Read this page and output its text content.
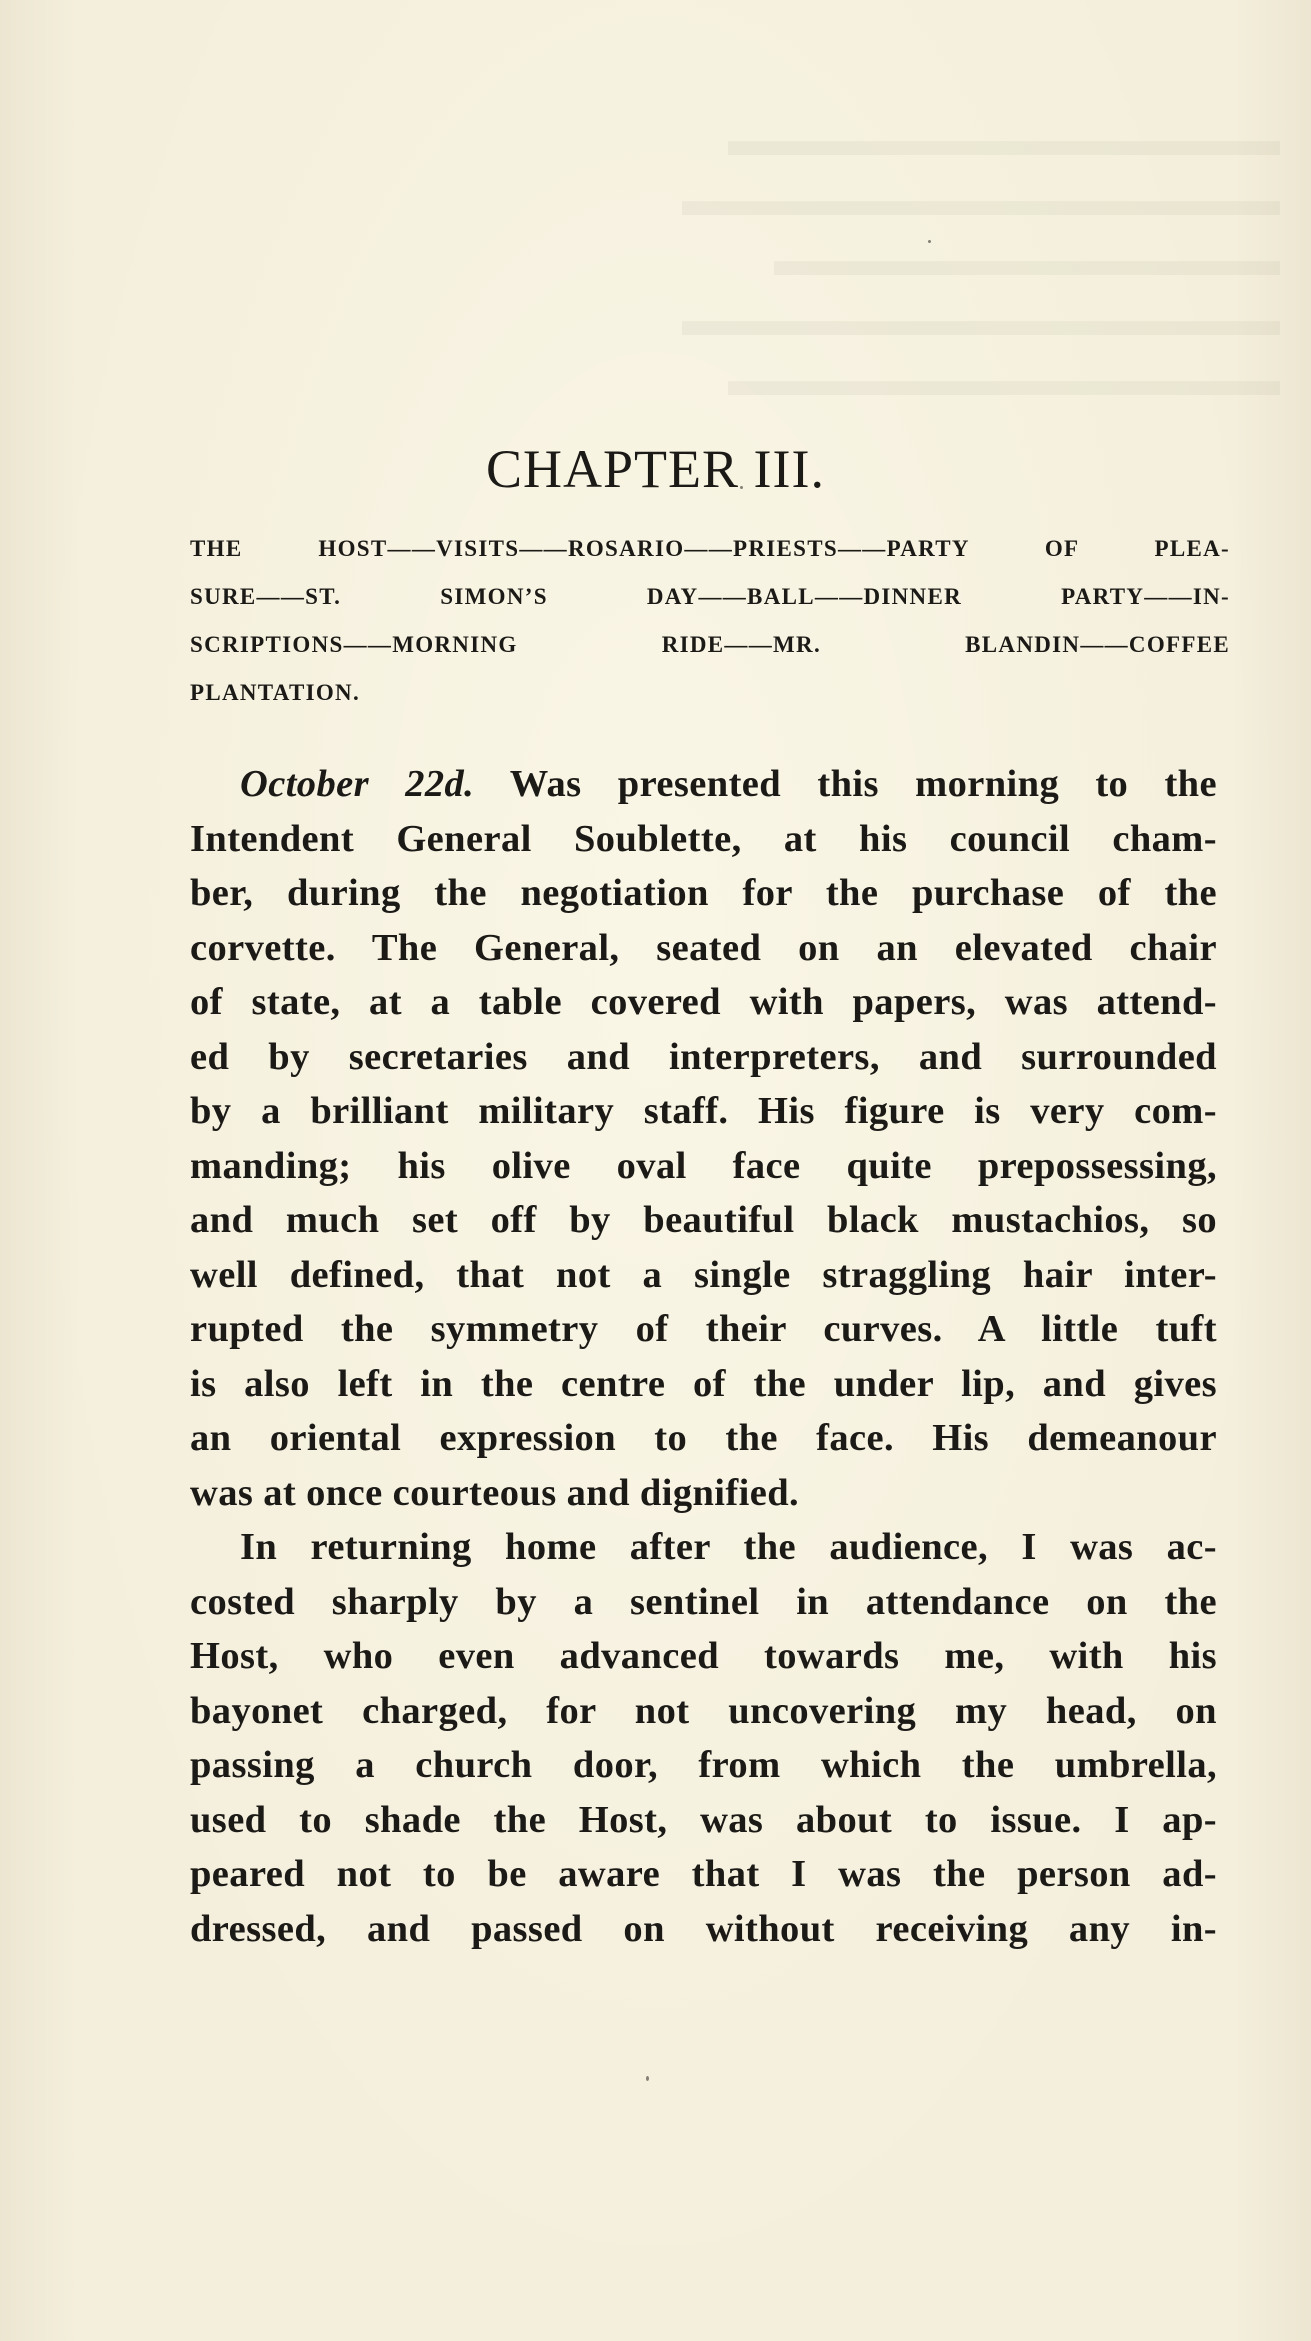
▬▬▬▬▬▬▬▬▬▬▬▬
▬▬▬▬▬▬▬▬▬▬▬▬▬
▬▬▬▬▬▬▬▬▬▬▬
▬▬▬▬▬▬▬▬▬▬▬▬▬
▬▬▬▬▬▬▬▬▬▬▬▬
CHAPTER III.
THE HOST——VISITS——ROSARIO——PRIESTS——PARTY OF PLEA-
SURE——ST. SIMON’S DAY——BALL——DINNER PARTY——IN-
SCRIPTIONS——MORNING RIDE——MR. BLANDIN——COFFEE
PLANTATION.
October 22d. Was presented this morning to the
Intendent General Soublette, at his council cham-
ber, during the negotiation for the purchase of the
corvette. The General, seated on an elevated chair
of state, at a table covered with papers, was attend-
ed by secretaries and interpreters, and surrounded
by a brilliant military staff. His figure is very com-
manding; his olive oval face quite prepossessing,
and much set off by beautiful black mustachios, so
well defined, that not a single straggling hair inter-
rupted the symmetry of their curves. A little tuft
is also left in the centre of the under lip, and gives
an oriental expression to the face. His demeanour
was at once courteous and dignified.
In returning home after the audience, I was ac-
costed sharply by a sentinel in attendance on the
Host, who even advanced towards me, with his
bayonet charged, for not uncovering my head, on
passing a church door, from which the umbrella,
used to shade the Host, was about to issue. I ap-
peared not to be aware that I was the person ad-
dressed, and passed on without receiving any in-
